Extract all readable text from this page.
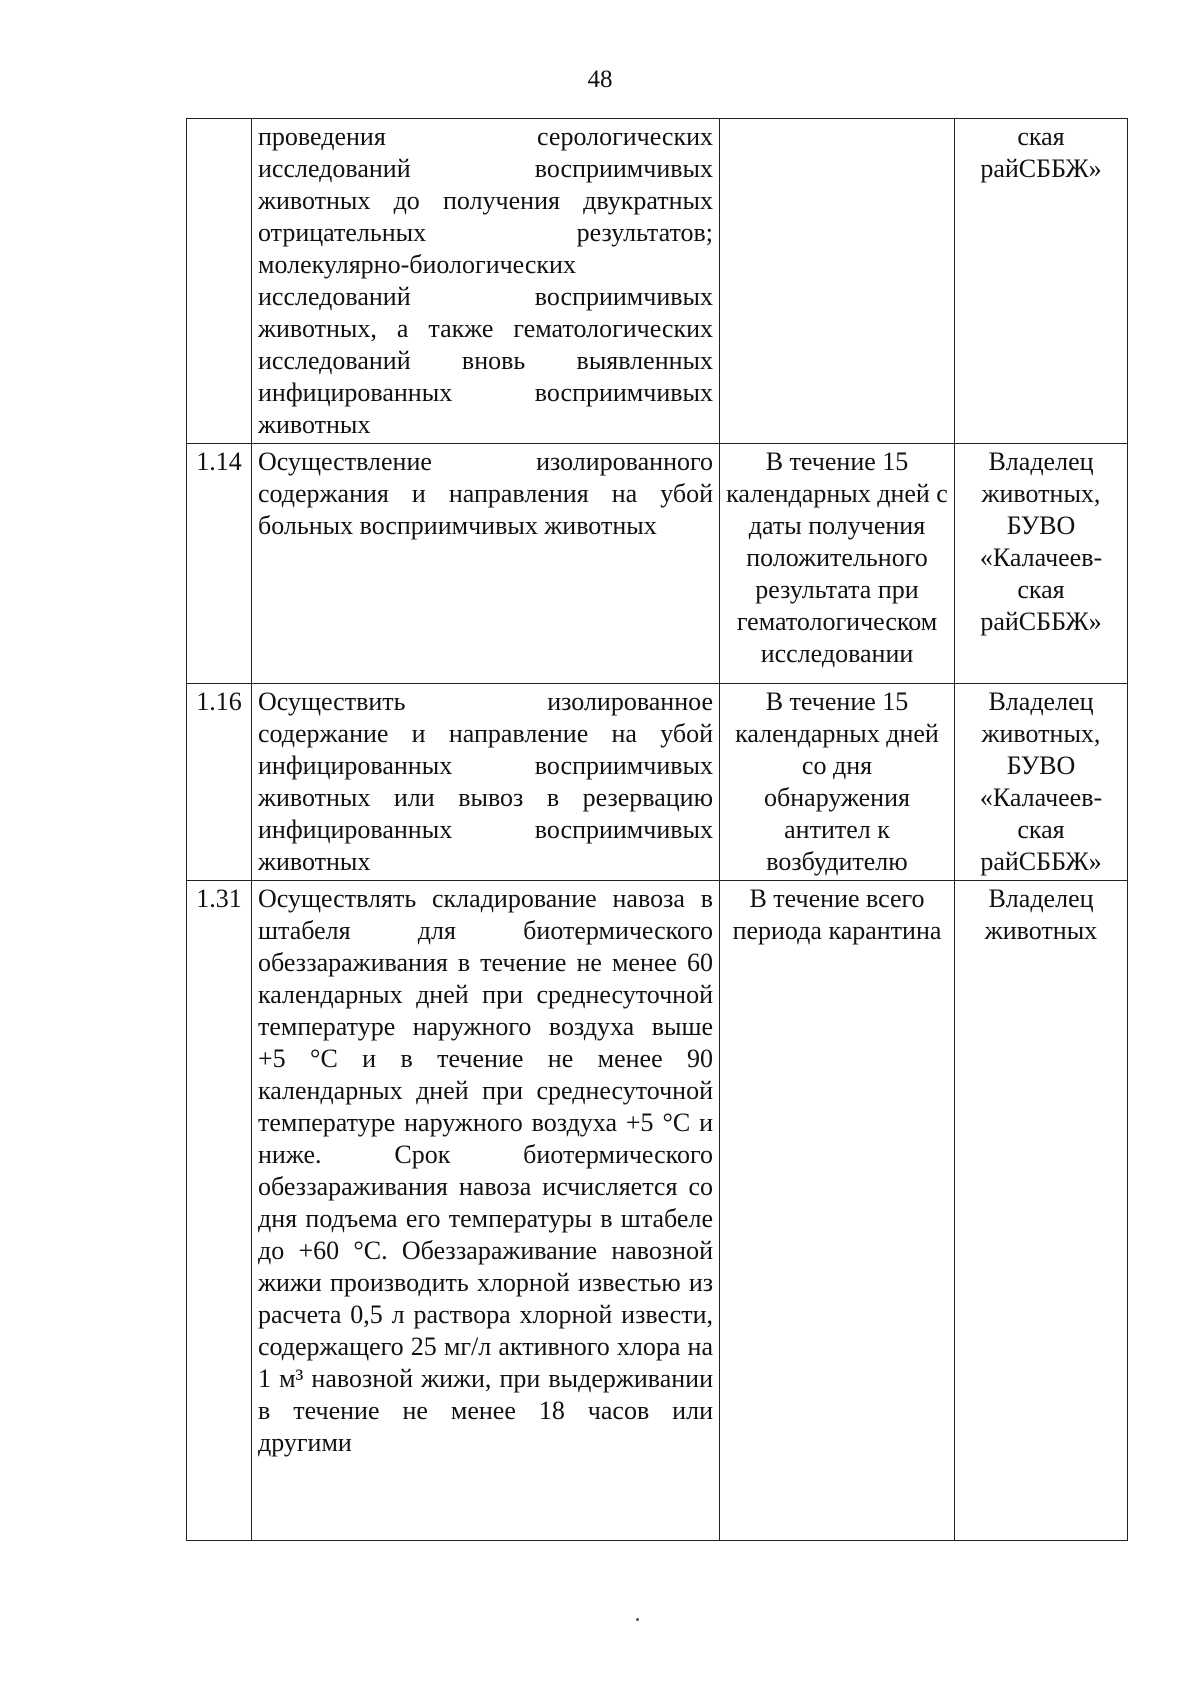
48

	проведения серологических исследований восприимчивых животных до получения двукратных отрицательных результатов; молекулярно-биологических исследований восприимчивых животных, а также гематологических исследований вновь выявленных инфицированных восприимчивых животных		ская райСББЖ»
1.14	Осуществление изолированного содержания и направления на убой больных восприимчивых животных	В течение 15 календарных дней с даты получения положительного результата при гематологическом исследовании	Владелец животных, БУВО «Калачеев-ская райСББЖ»
1.16	Осуществить изолированное содержание и направление на убой инфицированных восприимчивых животных или вывоз в резервацию инфицированных восприимчивых животных	В течение 15 календарных дней со дня обнаружения антител к возбудителю	Владелец животных, БУВО «Калачеев-ская райСББЖ»
1.31	Осуществлять складирование навоза в штабеля для биотермического обеззараживания в течение не менее 60 календарных дней при среднесуточной температуре наружного воздуха выше +5 °С и в течение не менее 90 календарных дней при среднесуточной температуре наружного воздуха +5 °С и ниже. Срок биотермического обеззараживания навоза исчисляется со дня подъема его температуры в штабеле до +60 °С. Обеззараживание навозной жижи производить хлорной известью из расчета 0,5 л раствора хлорной извести, содержащего 25 мг/л активного хлора на 1 м³ навозной жижи, при выдерживании в течение не менее 18 часов или другими	В течение всего периода карантина	Владелец животных
